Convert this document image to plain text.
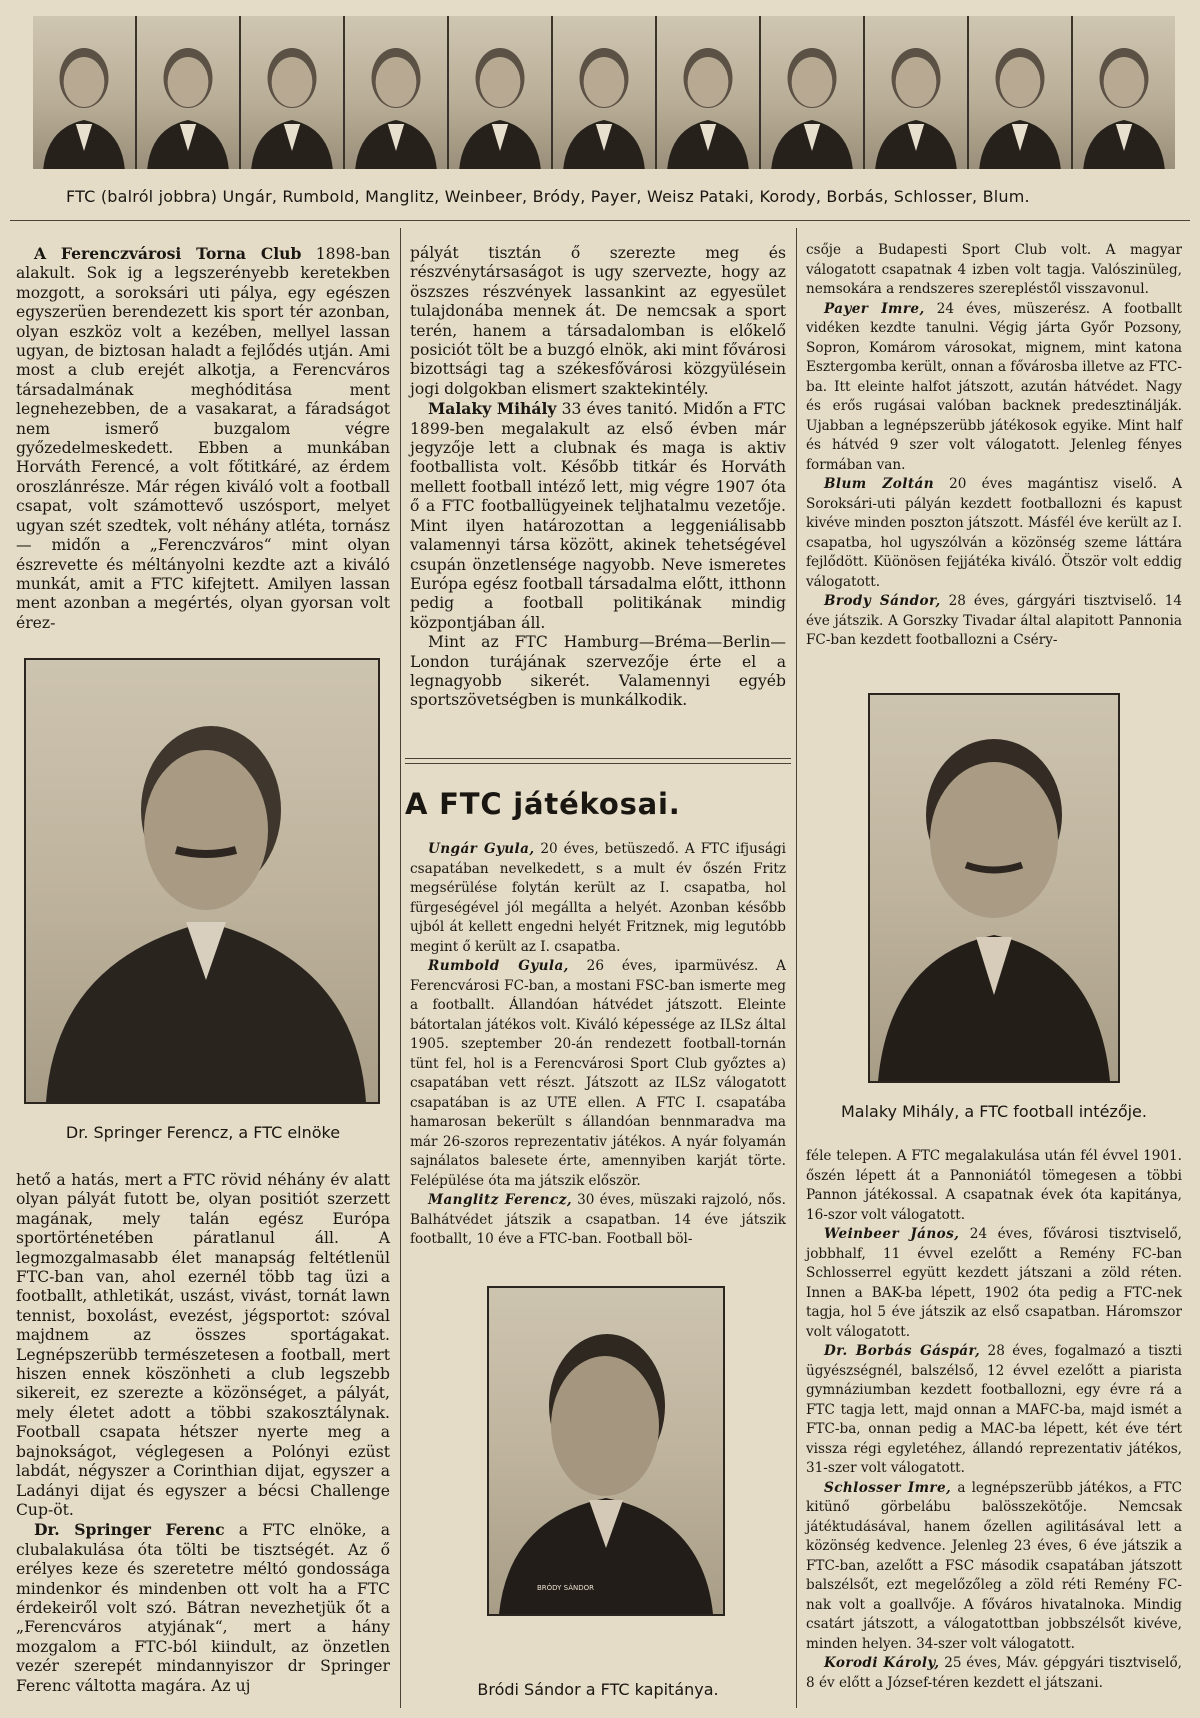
FTC (balról jobbra) Ungár, Rumbold, Manglitz, Weinbeer, Bródy, Payer, Weisz Pataki, Korody, Borbás, Schlosser, Blum.

A Ferenczvárosi Torna Club 1898-ban alakult. Sok ig a legszerényebb keretekben mozgott, a soroksári uti pálya, egy egészen egyszerüen berendezett kis sport tér azonban, olyan eszköz volt a kezében, mellyel lassan ugyan, de biztosan haladt a fejlődés utján. Ami most a club erejét alkotja, a Ferencváros társadalmának meghóditása ment legnehezebben, de a vasakarat, a fáradságot nem ismerő buzgalom végre győzedelmeskedett. Ebben a munkában Horváth Ferencé, a volt főtitkáré, az érdem oroszlánrésze. Már régen kiváló volt a football csapat, volt számottevő uszósport, melyet ugyan szét szedtek, volt néhány atléta, tornász — midőn a „Ferenczváros“ mint olyan észrevette és méltányolni kezdte azt a kiváló munkát, amit a FTC kifejtett. Amilyen lassan ment azonban a megértés, olyan gyorsan volt érez-

Dr. Springer Ferencz, a FTC elnöke

hető a hatás, mert a FTC rövid néhány év alatt olyan pályát futott be, olyan positiót szerzett magának, mely talán egész Európa sportörténetében páratlanul áll. A legmozgalmasabb élet manapság feltétlenül FTC-ban van, ahol ezernél több tag üzi a footballt, athletikát, uszást, vivást, tornát lawn tennist, boxolást, evezést, jégsportot: szóval majdnem az összes sportágakat. Legnépszerübb természetesen a football, mert hiszen ennek köszönheti a club legszebb sikereit, ez szerezte a közönséget, a pályát, mely életet adott a többi szakosztálynak. Football csapata hétszer nyerte meg a bajnokságot, véglegesen a Polónyi ezüst labdát, négyszer a Corinthian dijat, egyszer a Ladányi dijat és egyszer a bécsi Challenge Cup-öt.

Dr. Springer Ferenc a FTC elnöke, a clubalakulása óta tölti be tisztségét. Az ő erélyes keze és szeretetre méltó gondossága mindenkor és mindenben ott volt ha a FTC érdekeiről volt szó. Bátran nevezhetjük őt a „Ferencváros atyjának“, mert a hány mozgalom a FTC-ból kiindult, az önzetlen vezér szerepét mindannyiszor dr Springer Ferenc váltotta magára. Az uj

pályát tisztán ő szerezte meg és részvénytársaságot is ugy szervezte, hogy az öszszes részvények lassankint az egyesület tulajdonába mennek át. De nemcsak a sport terén, hanem a társadalomban is előkelő posiciót tölt be a buzgó elnök, aki mint fővárosi bizottsági tag a székesfővárosi közgyülésein jogi dolgokban elismert szaktekintély.

Malaky Mihály 33 éves tanitó. Midőn a FTC 1899-ben megalakult az első évben már jegyzője lett a clubnak és maga is aktiv footballista volt. Később titkár és Horváth mellett football intéző lett, mig végre 1907 óta ő a FTC footballügyeinek teljhatalmu vezetője. Mint ilyen határozottan a leggeniálisabb valamennyi társa között, akinek tehetségével csupán önzetlensége nagyobb. Neve ismeretes Európa egész football társadalma előtt, itthonn pedig a football politikának mindig központjában áll.

Mint az FTC Hamburg—Bréma—Berlin—London turájának szervezője érte el a legnagyobb sikerét. Valamennyi egyéb sportszövetségben is munkálkodik.

A FTC játékosai.

Ungár Gyula, 20 éves, betüszedő. A FTC ifjusági csapatában nevelkedett, s a mult év őszén Fritz megsérülése folytán került az I. csapatba, hol fürgeségével jól megállta a helyét. Azonban később ujból át kellett engedni helyét Fritznek, mig legutóbb megint ő került az I. csapatba.

Rumbold Gyula, 26 éves, iparmüvész. A Ferencvárosi FC-ban, a mostani FSC-ban ismerte meg a footballt. Állandóan hátvédet játszott. Eleinte bátortalan játékos volt. Kiváló képessége az ILSz által 1905. szeptember 20-án rendezett football-tornán tünt fel, hol is a Ferencvárosi Sport Club győztes a) csapatában vett részt. Játszott az ILSz válogatott csapatában is az UTE ellen. A FTC I. csapatába hamarosan bekerült s állandóan bennmaradva ma már 26-szoros reprezentativ játékos. A nyár folyamán sajnálatos balesete érte, amennyiben karját törte. Felépülése óta ma játszik először.

Manglitz Ferencz, 30 éves, müszaki rajzoló, nős. Balhátvédet játszik a csapatban. 14 éve játszik footballt, 10 éve a FTC-ban. Football böl-

BRÓDY SÁNDOR
Bródi Sándor a FTC kapitánya.

csője a Budapesti Sport Club volt. A magyar válogatott csapatnak 4 izben volt tagja. Valószinüleg, nemsokára a rendszeres szerepléstől visszavonul.

Payer Imre, 24 éves, müszerész. A footballt vidéken kezdte tanulni. Végig járta Győr Pozsony, Sopron, Komárom városokat, mignem, mint katona Esztergomba került, onnan a fővárosba illetve az FTC-ba. Itt eleinte halfot játszott, azután hátvédet. Nagy és erős rugásai valóban backnek predesztinálják. Ujabban a legnépszerübb játékosok egyike. Mint half és hátvéd 9 szer volt válogatott. Jelenleg fényes formában van.

Blum Zoltán 20 éves magántisz viselő. A Soroksári-uti pályán kezdett footballozni és kapust kivéve minden poszton játszott. Másfél éve került az I. csapatba, hol ugyszólván a közönség szeme láttára fejlődött. Küönösen fejjátéka kiváló. Ötször volt eddig válogatott.

Brody Sándor, 28 éves, gárgyári tisztviselő. 14 éve játszik. A Gorszky Tivadar által alapitott Pannonia FC-ban kezdett footballozni a Cséry-

Malaky Mihály, a FTC football intézője.

féle telepen. A FTC megalakulása után fél évvel 1901. őszén lépett át a Pannoniától tömegesen a többi Pannon játékossal. A csapatnak évek óta kapitánya, 16-szor volt válogatott.

Weinbeer János, 24 éves, fővárosi tisztviselő, jobbhalf, 11 évvel ezelőtt a Remény FC-ban Schlosserrel együtt kezdett játszani a zöld réten. Innen a BAK-ba lépett, 1902 óta pedig a FTC-nek tagja, hol 5 éve játszik az első csapatban. Háromszor volt válogatott.

Dr. Borbás Gáspár, 28 éves, fogalmazó a tiszti ügyészségnél, balszélső, 12 évvel ezelőtt a piarista gymnáziumban kezdett footballozni, egy évre rá a FTC tagja lett, majd onnan a MAFC-ba, majd ismét a FTC-ba, onnan pedig a MAC-ba lépett, két éve tért vissza régi egyletéhez, állandó reprezentativ játékos, 31-szer volt válogatott.

Schlosser Imre, a legnépszerübb játékos, a FTC kitünő görbelábu balösszekötője. Nemcsak játéktudásával, hanem őzellen agilitásával lett a közönség kedvence. Jelenleg 23 éves, 6 éve játszik a FTC-ban, azelőtt a FSC második csapatában játszott balszélsőt, ezt megelőzőleg a zöld réti Remény FC-nak volt a goallvője. A főváros hivatalnoka. Mindig csatárt játszott, a válogatottban jobbszélsőt kivéve, minden helyen. 34-szer volt válogatott.

Korodi Károly, 25 éves, Máv. gépgyári tisztviselő, 8 év előtt a József-téren kezdett el játszani.
